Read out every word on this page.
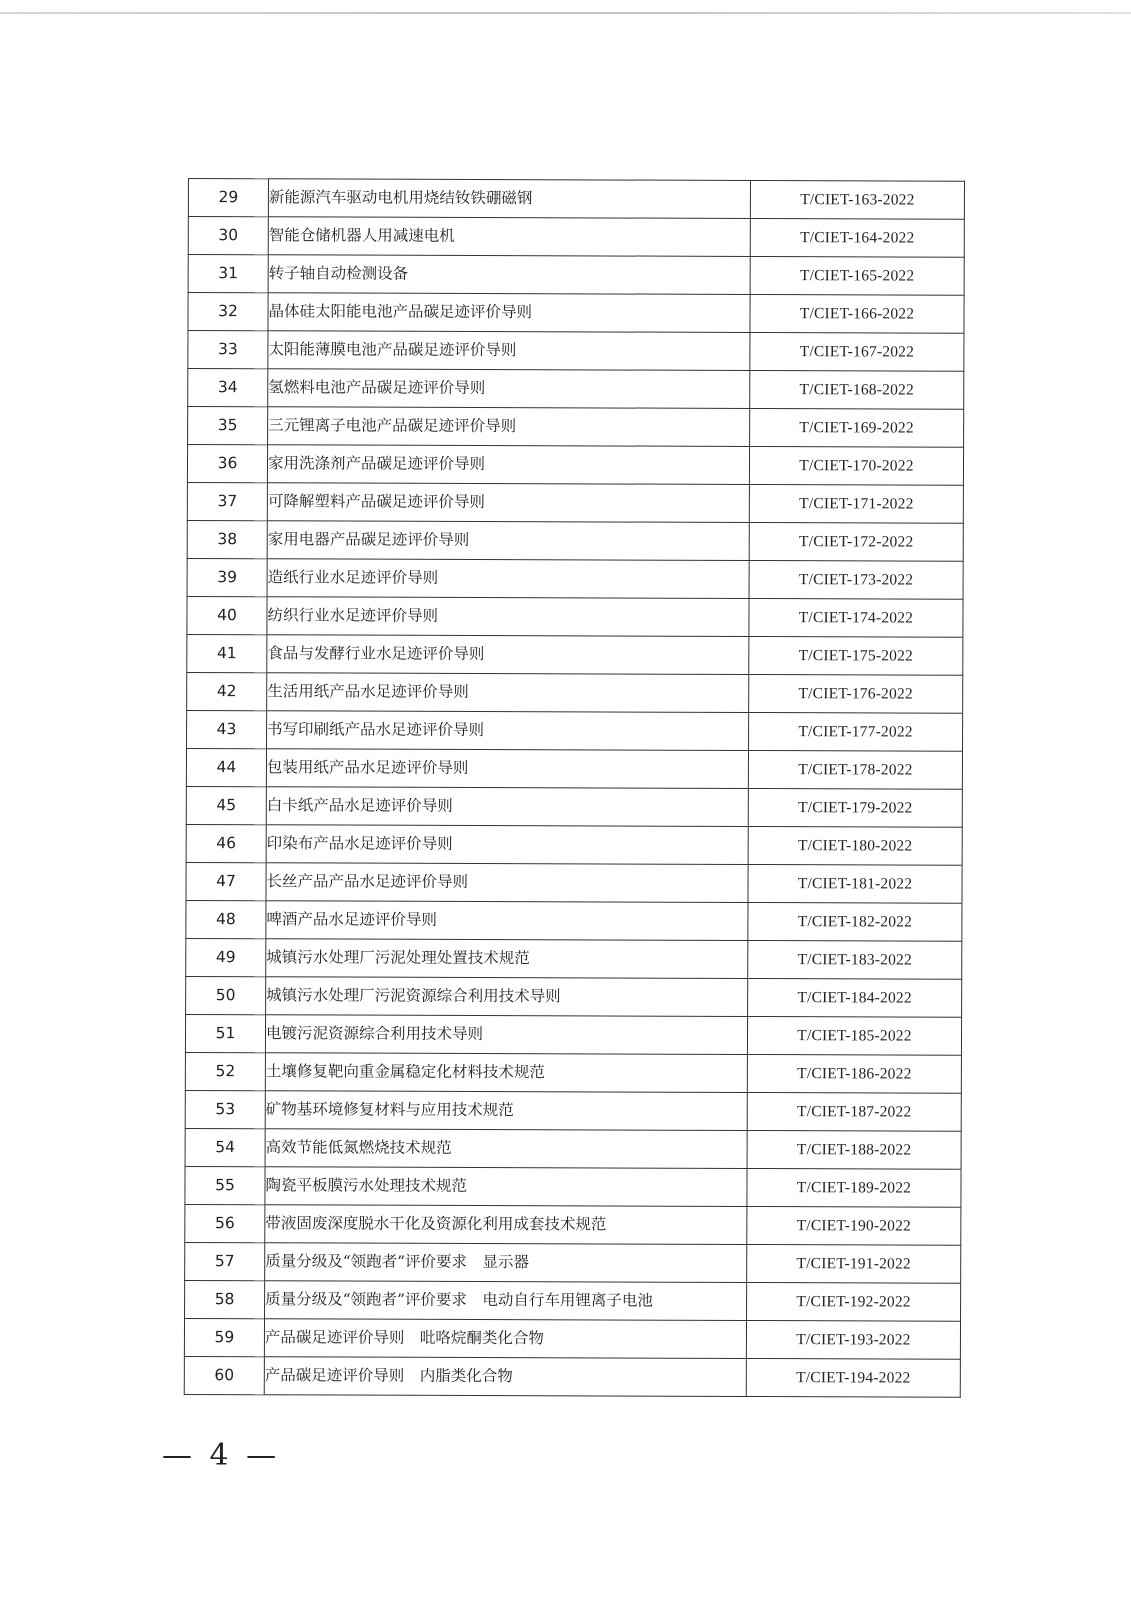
29	新能源汽车驱动电机用烧结钕铁硼磁钢	T/CIET-163-2022
30	智能仓储机器人用减速电机	T/CIET-164-2022
31	转子轴自动检测设备	T/CIET-165-2022
32	晶体硅太阳能电池产品碳足迹评价导则	T/CIET-166-2022
33	太阳能薄膜电池产品碳足迹评价导则	T/CIET-167-2022
34	氢燃料电池产品碳足迹评价导则	T/CIET-168-2022
35	三元锂离子电池产品碳足迹评价导则	T/CIET-169-2022
36	家用洗涤剂产品碳足迹评价导则	T/CIET-170-2022
37	可降解塑料产品碳足迹评价导则	T/CIET-171-2022
38	家用电器产品碳足迹评价导则	T/CIET-172-2022
39	造纸行业水足迹评价导则	T/CIET-173-2022
40	纺织行业水足迹评价导则	T/CIET-174-2022
41	食品与发酵行业水足迹评价导则	T/CIET-175-2022
42	生活用纸产品水足迹评价导则	T/CIET-176-2022
43	书写印刷纸产品水足迹评价导则	T/CIET-177-2022
44	包装用纸产品水足迹评价导则	T/CIET-178-2022
45	白卡纸产品水足迹评价导则	T/CIET-179-2022
46	印染布产品水足迹评价导则	T/CIET-180-2022
47	长丝产品产品水足迹评价导则	T/CIET-181-2022
48	啤酒产品水足迹评价导则	T/CIET-182-2022
49	城镇污水处理厂污泥处理处置技术规范	T/CIET-183-2022
50	城镇污水处理厂污泥资源综合利用技术导则	T/CIET-184-2022
51	电镀污泥资源综合利用技术导则	T/CIET-185-2022
52	土壤修复靶向重金属稳定化材料技术规范	T/CIET-186-2022
53	矿物基环境修复材料与应用技术规范	T/CIET-187-2022
54	高效节能低氮燃烧技术规范	T/CIET-188-2022
55	陶瓷平板膜污水处理技术规范	T/CIET-189-2022
56	带液固废深度脱水干化及资源化利用成套技术规范	T/CIET-190-2022
57	质量分级及“领跑者”评价要求　显示器	T/CIET-191-2022
58	质量分级及“领跑者”评价要求　电动自行车用锂离子电池	T/CIET-192-2022
59	产品碳足迹评价导则　吡咯烷酮类化合物	T/CIET-193-2022
60	产品碳足迹评价导则　内脂类化合物	T/CIET-194-2022
— 4 —
